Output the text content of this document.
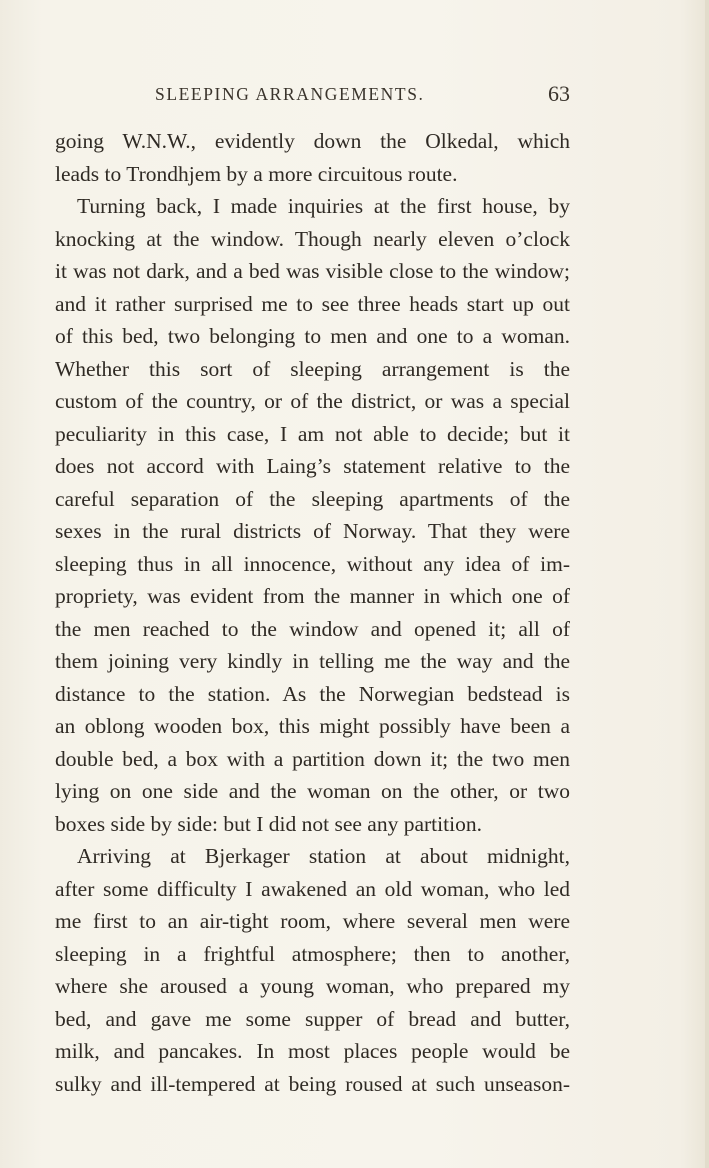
SLEEPING ARRANGEMENTS.	63
going W.N.W., evidently down the Olkedal, which
leads to Trondhjem by a more circuitous route.
Turning back, I made inquiries at the first house, by
knocking at the window. Though nearly eleven o’clock
it was not dark, and a bed was visible close to the window;
and it rather surprised me to see three heads start up out
of this bed, two belonging to men and one to a woman.
Whether this sort of sleeping arrangement is the
custom of the country, or of the district, or was a special
peculiarity in this case, I am not able to decide; but it
does not accord with Laing’s statement relative to the
careful separation of the sleeping apartments of the
sexes in the rural districts of Norway. That they were
sleeping thus in all innocence, without any idea of im-
propriety, was evident from the manner in which one of
the men reached to the window and opened it; all of
them joining very kindly in telling me the way and the
distance to the station. As the Norwegian bedstead is
an oblong wooden box, this might possibly have been a
double bed, a box with a partition down it; the two men
lying on one side and the woman on the other, or two
boxes side by side: but I did not see any partition.
Arriving at Bjerkager station at about midnight,
after some difficulty I awakened an old woman, who led
me first to an air-tight room, where several men were
sleeping in a frightful atmosphere; then to another,
where she aroused a young woman, who prepared my
bed, and gave me some supper of bread and butter,
milk, and pancakes. In most places people would be
sulky and ill-tempered at being roused at such unseason-
